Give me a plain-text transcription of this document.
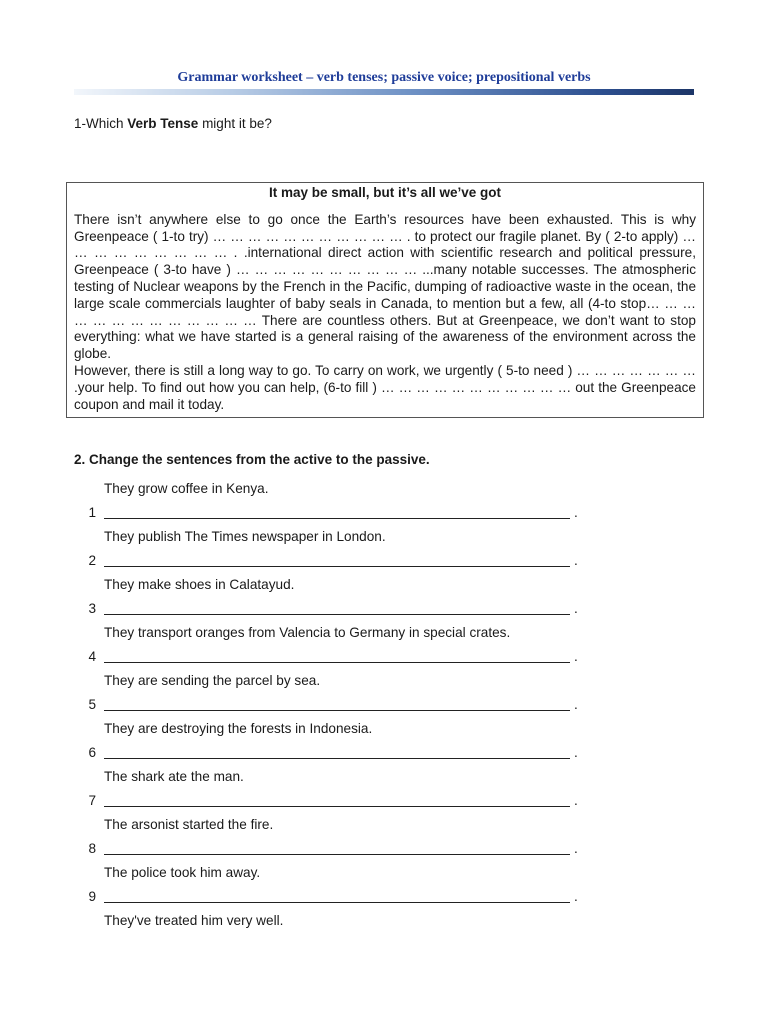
Grammar worksheet – verb tenses; passive voice; prepositional verbs
1-Which Verb Tense might it be?
It may be small, but it’s all we’ve got

There isn’t anywhere else to go once the Earth’s resources have been exhausted. This is why Greenpeace ( 1-to try) … … … … … … … … … … … . to protect our fragile planet. By ( 2-to apply) … … … … … … … … … . .international direct action with scientific research and political pressure, Greenpeace ( 3-to have ) … … … … … … … … … … ...many notable successes. The atmospheric testing of Nuclear weapons by the French in the Pacific, dumping of radioactive waste in the ocean, the large scale commercials laughter of baby seals in Canada, to mention but a few, all (4-to stop… … … … … … … … … … … … … There are countless others. But at Greenpeace, we don’t want to stop everything: what we have started is a general raising of the awareness of the environment across the globe.

However, there is still a long way to go. To carry on work, we urgently ( 5-to need ) … … … … … … … .your help. To find out how you can help, (6-to fill ) … … … … … … … … … … … out the Greenpeace coupon and mail it today.

2. Change the sentences from the active to the passive.
They grow coffee in Kenya.
1	.
They publish The Times newspaper in London.
2	.
They make shoes in Calatayud.
3	.
They transport oranges from Valencia to Germany in special crates.
4	.
They are sending the parcel by sea.
5	.
They are destroying the forests in Indonesia.
6	.
The shark ate the man.
7	.
The arsonist started the fire.
8	.
The police took him away.
9	.
They've treated him very well.
